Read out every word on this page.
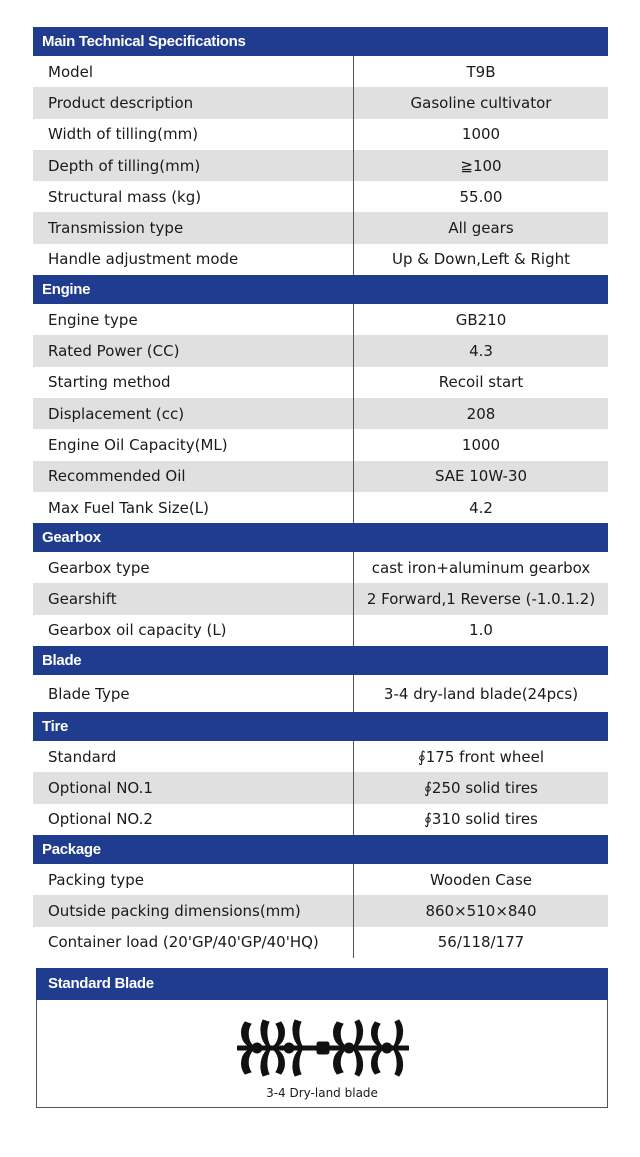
Main Technical Specifications
Model	T9B
Product description	Gasoline cultivator
Width of tilling(mm)	1000
Depth of tilling(mm)	≧100
Structural mass (kg)	55.00
Transmission type	All gears
Handle adjustment mode	Up & Down,Left & Right
Engine
Engine type	GB210
Rated Power (CC)	4.3
Starting method	Recoil start
Displacement (cc)	208
Engine Oil Capacity(ML)	1000
Recommended Oil	SAE 10W-30
Max Fuel Tank Size(L)	4.2
Gearbox
Gearbox type	cast iron+aluminum gearbox
Gearshift	2 Forward,1 Reverse (-1.0.1.2)
Gearbox oil capacity (L)	1.0
Blade
Blade Type	3-4 dry-land blade(24pcs)
Tire
Standard	∮175 front wheel
Optional NO.1	∮250 solid tires
Optional NO.2	∮310 solid tires
Package
Packing type	Wooden Case
Outside packing dimensions(mm)	860×510×840
Container load (20'GP/40'GP/40'HQ)	56/118/177
Standard Blade
3-4 Dry-land blade
